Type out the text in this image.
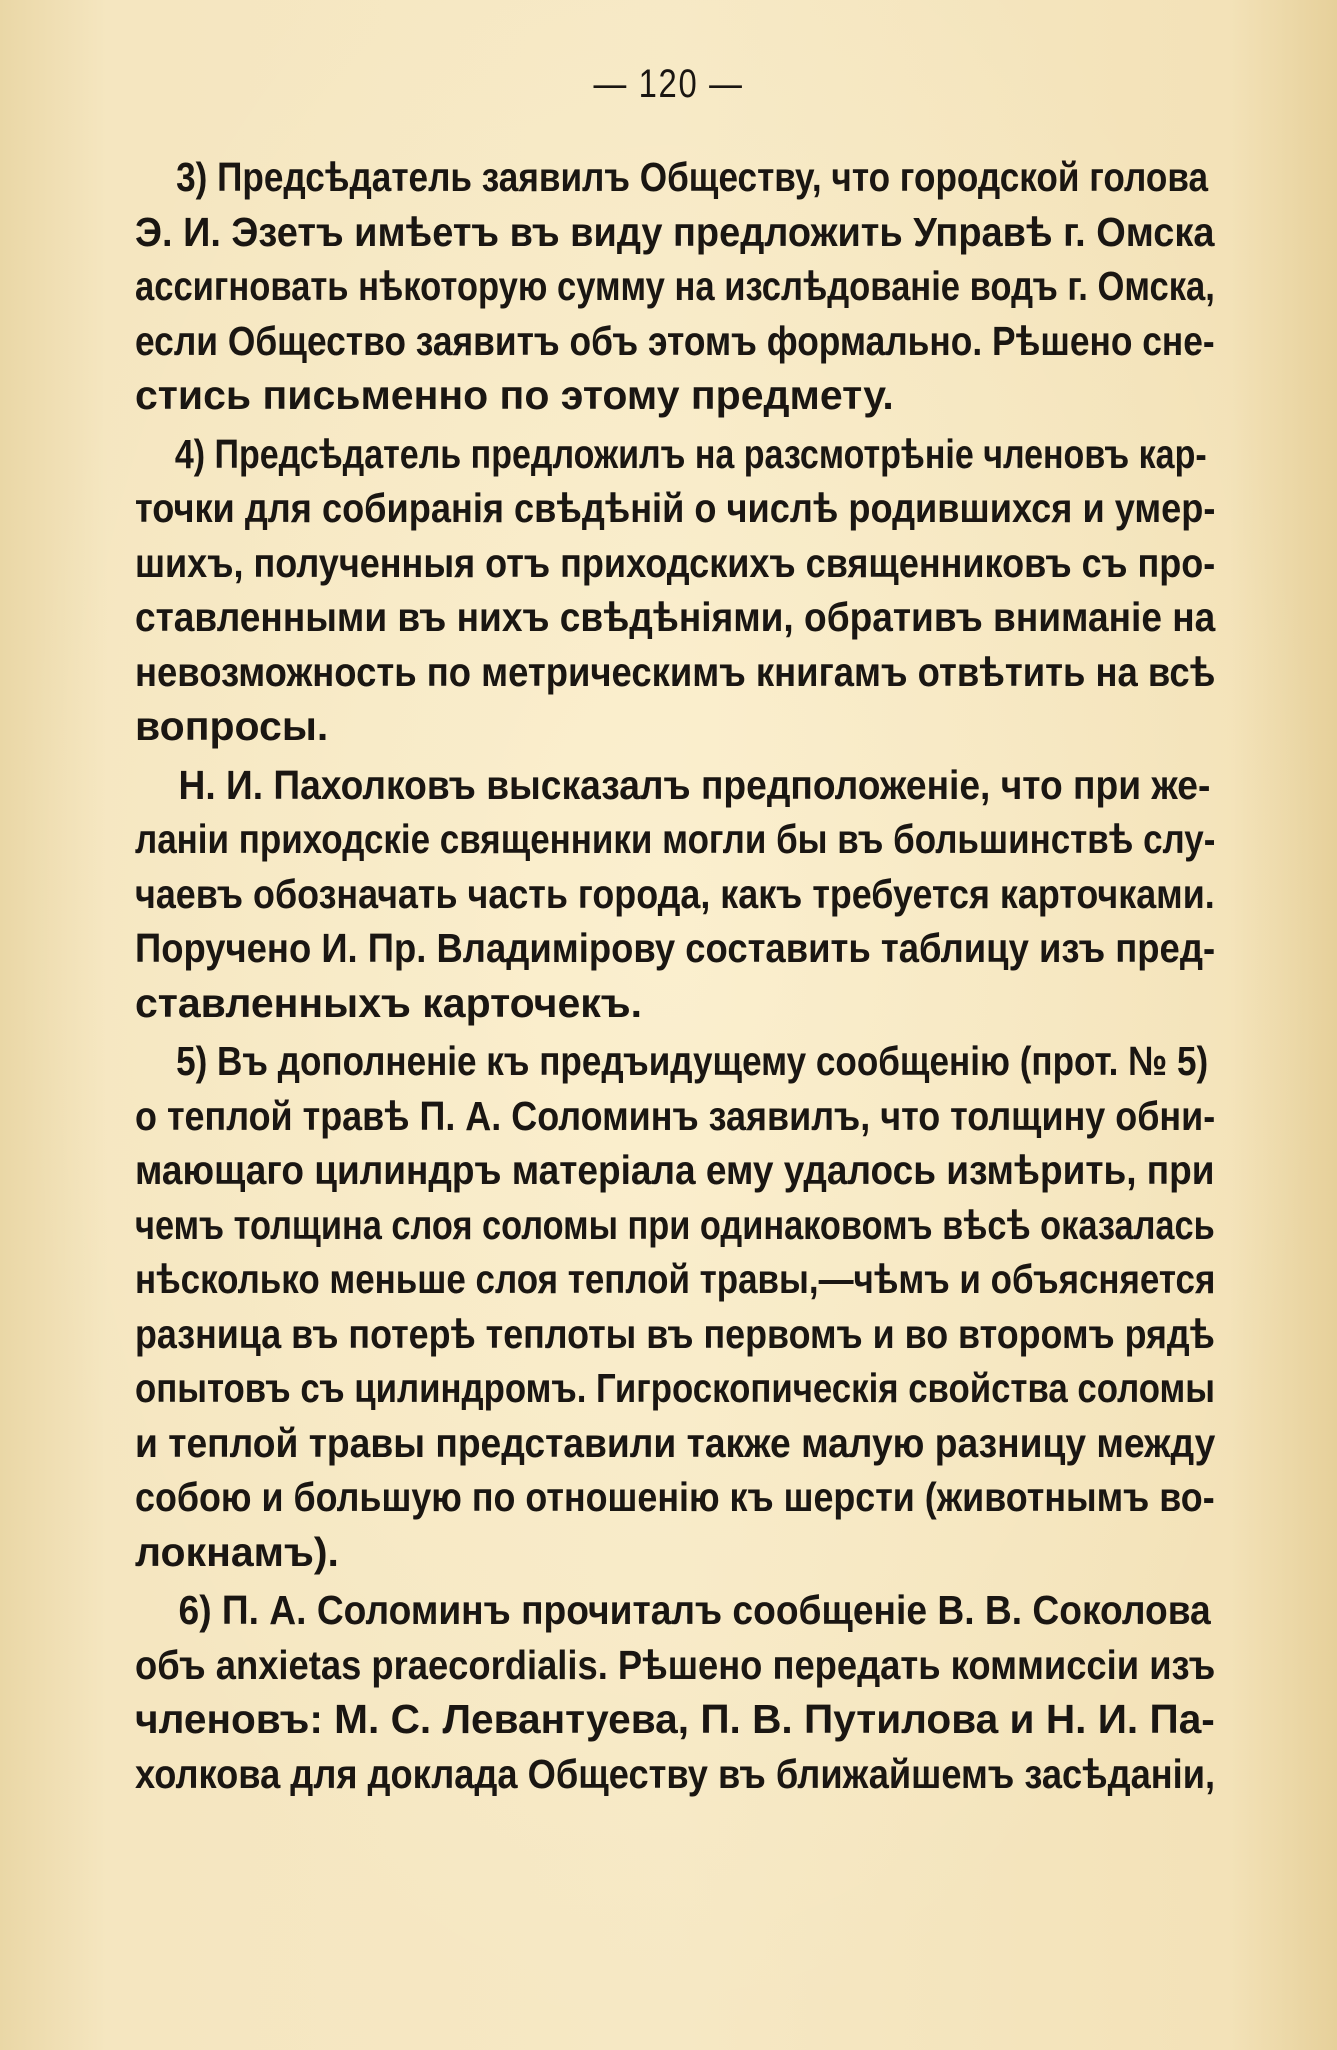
— 120 —
3) Предсѣдатель заявилъ Обществу, что городской голова
Э. И. Эзетъ имѣетъ въ виду предложить Управѣ г. Омска
ассигновать нѣкоторую сумму на изслѣдованіе водъ г. Омска,
если Общество заявитъ объ этомъ формально. Рѣшено сне-
стись письменно по этому предмету.
4) Предсѣдатель предложилъ на разсмотрѣніе членовъ кар-
точки для собиранія свѣдѣній о числѣ родившихся и умер-
шихъ, полученныя отъ приходскихъ священниковъ съ про-
ставленными въ нихъ свѣдѣніями, обративъ вниманіе на
невозможность по метрическимъ книгамъ отвѣтить на всѣ
вопросы.
Н. И. Пахолковъ высказалъ предположеніе, что при же-
ланіи приходскіе священники могли бы въ большинствѣ слу-
чаевъ обозначать часть города, какъ требуется карточками.
Поручено И. Пр. Владимірову составить таблицу изъ пред-
ставленныхъ карточекъ.
5) Въ дополненіе къ предъидущему сообщенію (прот. № 5)
о теплой травѣ П. А. Соломинъ заявилъ, что толщину обни-
мающаго цилиндръ матеріала ему удалось измѣрить, при
чемъ толщина слоя соломы при одинаковомъ вѣсѣ оказалась
нѣсколько меньше слоя теплой травы,—чѣмъ и объясняется
разница въ потерѣ теплоты въ первомъ и во второмъ рядѣ
опытовъ съ цилиндромъ. Гигроскопическія свойства соломы
и теплой травы представили также малую разницу между
собою и большую по отношенію къ шерсти (животнымъ во-
локнамъ).
6) П. А. Соломинъ прочиталъ сообщеніе В. В. Соколова
объ anxietas praecordialis. Рѣшено передать коммиссіи изъ
членовъ: М. С. Левантуева, П. В. Путилова и Н. И. Па-
холкова для доклада Обществу въ ближайшемъ засѣданіи,
